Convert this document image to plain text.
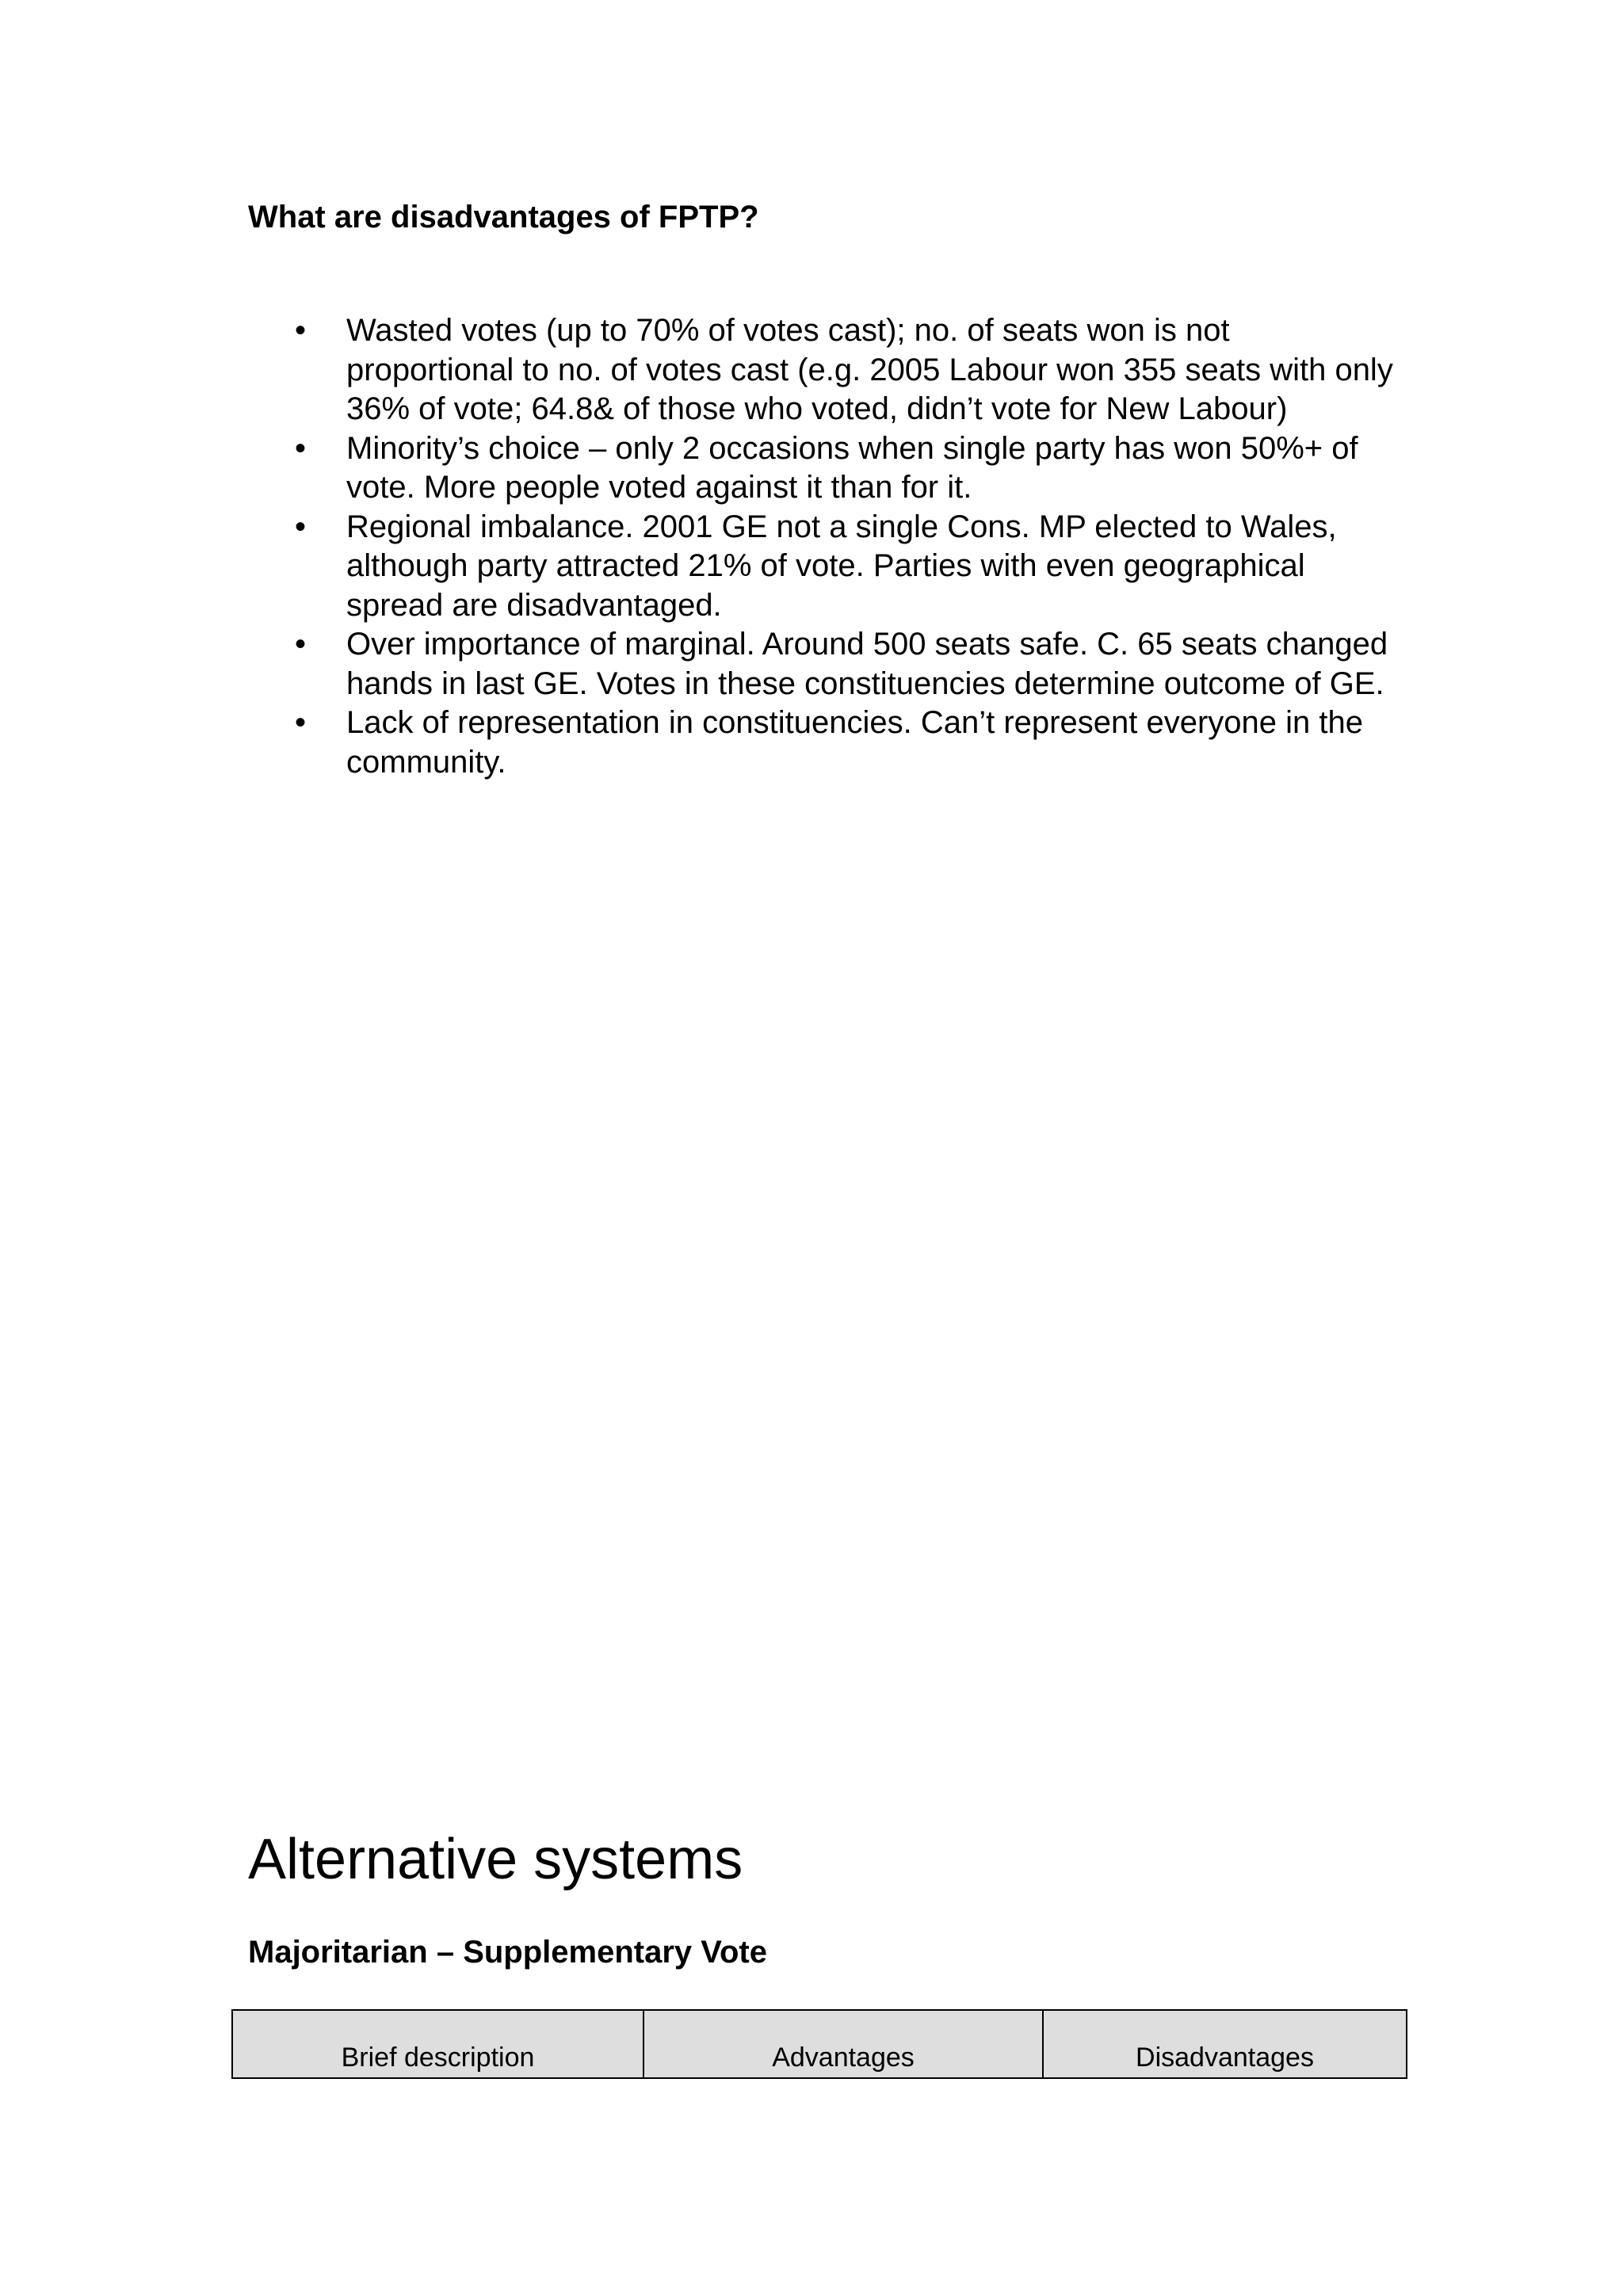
What are disadvantages of FPTP?
•	Wasted votes (up to 70% of votes cast); no. of seats won is not proportional to no. of votes cast (e.g. 2005 Labour won 355 seats with only 36% of vote; 64.8& of those who voted, didn’t vote for New Labour)
•	Minority’s choice – only 2 occasions when single party has won 50%+ of vote. More people voted against it than for it.
•	Regional imbalance. 2001 GE not a single Cons. MP elected to Wales, although party attracted 21% of vote. Parties with even geographical spread are disadvantaged.
•	Over importance of marginal. Around 500 seats safe. C. 65 seats changed hands in last GE. Votes in these constituencies determine outcome of GE.
•	Lack of representation in constituencies. Can’t represent everyone in the community.
Alternative systems
Majoritarian – Supplementary Vote
Brief description	Advantages	Disadvantages
